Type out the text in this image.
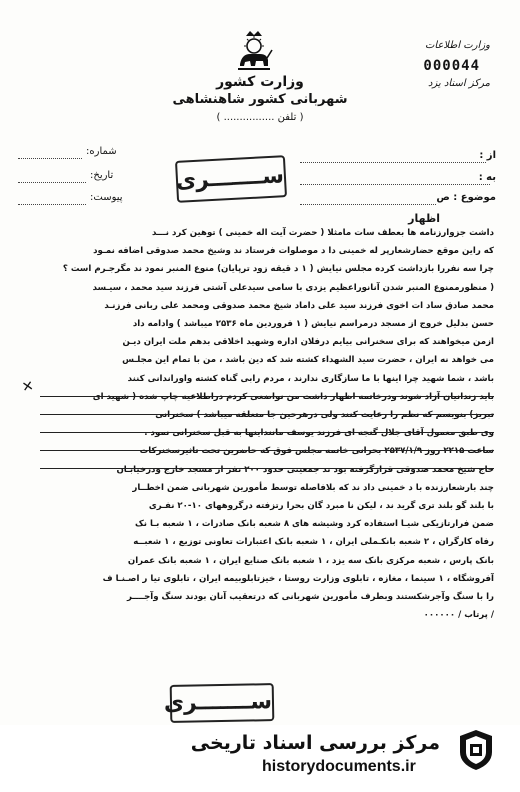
وزارت کشور
شهربانی کشور شاهنشاهی
( تلفن ................ )
وزارت اطلاعات
000044
مرکز اسناد یزد
شماره:
تاریخ:
پیوست:
از :
به :
موضوع : ص
ســـــــری
اظهار

داشت جزوارزنامه ها بعطف سات مامثلا ( حضرت آیت اله خمینی ) توهین کرد نـــد

که راین موقع حضارشعارپر له خمینی دا د موصلوات فرستاد ند وشیخ محمد صدوقی اضافه نمـود

چرا سه نفررا بازداشت کرده مجلس نیایش ( ۱ د قیقه زود ترپایان) منوع المنبر نمود ند مگرجـرم است ؟

( منظورممنوع المنبر شدن آنانوراعظیم یزدی با سامی سیدعلی آشتی فرزند سید محمد ، سیـسد

محمد صادق ساد ات اخوی فرزند سید علی داماد شیخ محمد صدوقی ومحمد علی ربانی فرزنـد

حسن بدلیل خروج از مسجد درمراسم نیایش ( ۱ فروردین ماه ۲۵۳۶ میباشد ) وادامه داد

ازمن میخواهند که برای سخنرانی بیایم درفلان اداره وشهید اخلاقی بدهم ملت ایران دیـن

می خواهد نه ایران ، حضرت سید الشهداء کشته شد که دین باشد ، من با تمام این مجلـس

باشد ، شما شهید چرا اینها با ما سازگاری ندارند ، مردم رابی گناه کشته واوراندانی کنند

باید زندانیان آزاد شوند ودرخاتمه اظهار داشت من نواضعی کردم دراطلاعیه چاپ شده ( شهید ای

تبریز) بنویسم که نظم را رعایت کنند ولی درهرحین جا متعلقه میباشد ) سخنرانی

وی طبق معمول آقای جلال گنجه ای فرزند یوسف ماننداینها به قبل سخنرانی نمود .

ساعت ۲۲۱۵ روز ۲۵۳۷/۱/۹ بحرانی خاتمه مجلس فوق که حاضرین تحت تاثیرسخنرکات

حاج شیخ محمد صدوقی قرارگرفته بود ند جمعیتی حدود ۲۰۰ نفر از مسجد خارج ودرخیابـان

چند بارشعارزنده با د خمینی داد ند که بلافاصله توسط مأمورین شهربانی ضمن اخطــار

با بلند گو بلند تری گرید ند ، لیکن نا مبرد گان بحرا رتزفته درگروههای ۱۰-۲۰ نفـری

ضمن فرارتازیکی شیـا استفاده کرد وشیشه های ۸ شعبه بانک صادرات ، ۱ شعبه بـا نک

رفاه کارگران ، ۲ شعبه بانکـملی ایران ، ۱ شعبه بانک اعتبارات تعاونی توزیع ، ۱ شعبــه

بانک پارس ، شعبه مرکزی بانک سه یزد ، ۱ شعبه بانک صنایع ایران ، ۱ شعبه بانک عمران

آفروشگاه ، ۱ سینما ، مغازه ، تابلوی وزارت روستا ، خیزتابلوبیمه ایران ، تابلوی تیا ر اصـنـا ف

را با سنگ وآجرشکستند وبطرف مأمورین شهربانی که درتعقیب آنان بودند سنگ وآجــــر

/ پرتاب / ۰۰۰۰۰۰

✕
ســـــــری
مرکز بررسی اسناد تاریخی
historydocuments.ir
